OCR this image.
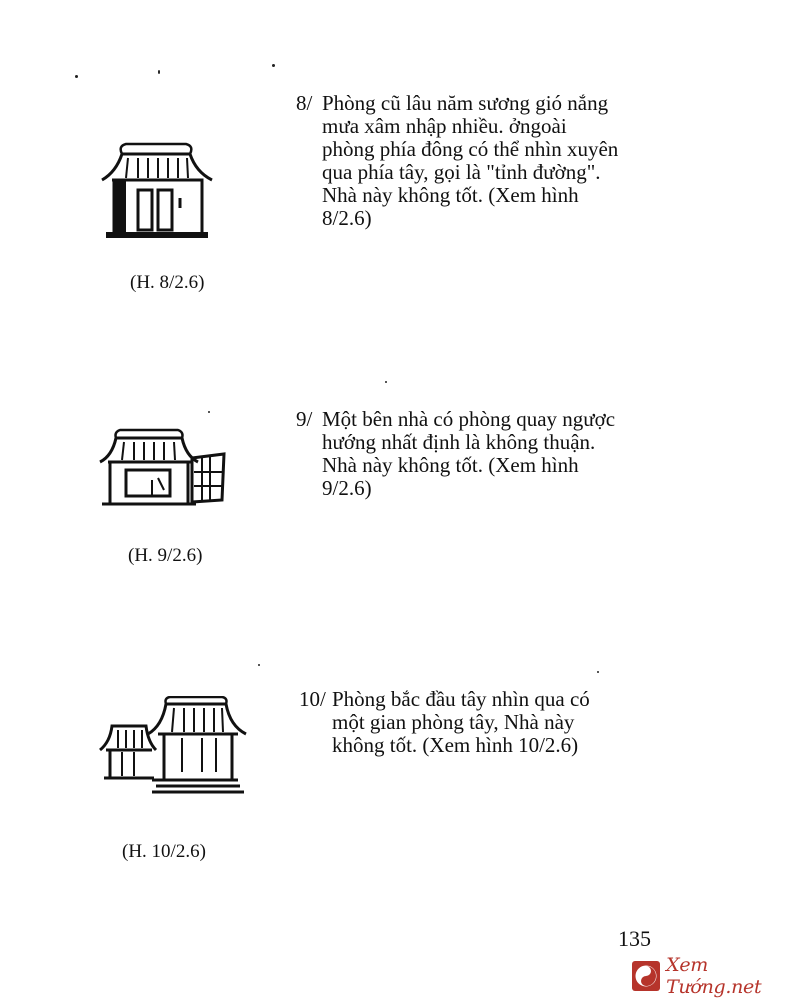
8/ Phòng cũ lâu năm sương gió nắng
mưa xâm nhập nhiều. ởngoài
phòng phía đông có thể nhìn xuyên
qua phía tây, gọi là "tỉnh đường".
Nhà này không tốt. (Xem hình
8/2.6)
(H. 8/2.6)
9/ Một bên nhà có phòng quay ngược
hướng nhất định là không thuận.
Nhà này không tốt. (Xem hình
9/2.6)
(H. 9/2.6)
10/ Phòng bắc đầu tây nhìn qua có
một gian phòng tây, Nhà này
không tốt. (Xem hình 10/2.6)
(H. 10/2.6)
135
Xem Tướng.net
